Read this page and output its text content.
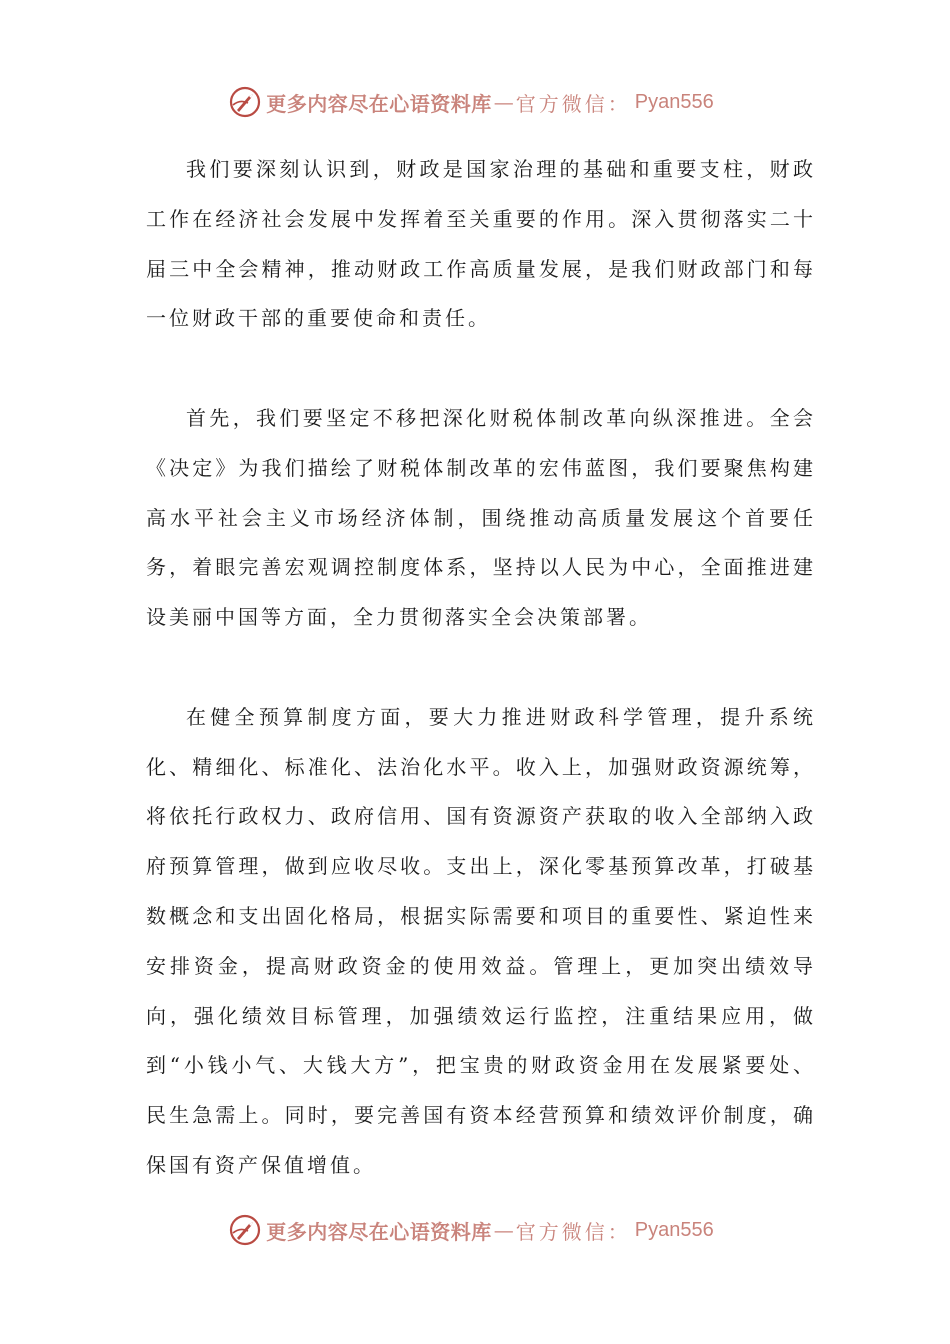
更多内容尽在心语资料库 — 官方微信： Pyan556

我们要深刻认识到，财政是国家治理的基础和重要支柱，财政工作在经济社会发展中发挥着至关重要的作用。深入贯彻落实二十届三中全会精神，推动财政工作高质量发展，是我们财政部门和每一位财政干部的重要使命和责任。

首先，我们要坚定不移把深化财税体制改革向纵深推进。全会《决定》为我们描绘了财税体制改革的宏伟蓝图，我们要聚焦构建高水平社会主义市场经济体制，围绕推动高质量发展这个首要任务，着眼完善宏观调控制度体系，坚持以人民为中心，全面推进建设美丽中国等方面，全力贯彻落实全会决策部署。

在健全预算制度方面，要大力推进财政科学管理，提升系统化、精细化、标准化、法治化水平。收入上，加强财政资源统筹，将依托行政权力、政府信用、国有资源资产获取的收入全部纳入政府预算管理，做到应收尽收。支出上，深化零基预算改革，打破基数概念和支出固化格局，根据实际需要和项目的重要性、紧迫性来安排资金，提高财政资金的使用效益。管理上，更加突出绩效导向，强化绩效目标管理，加强绩效运行监控，注重结果应用，做到“小钱小气、大钱大方”，把宝贵的财政资金用在发展紧要处、民生急需上。同时，要完善国有资本经营预算和绩效评价制度，确保国有资产保值增值。

更多内容尽在心语资料库 — 官方微信： Pyan556
